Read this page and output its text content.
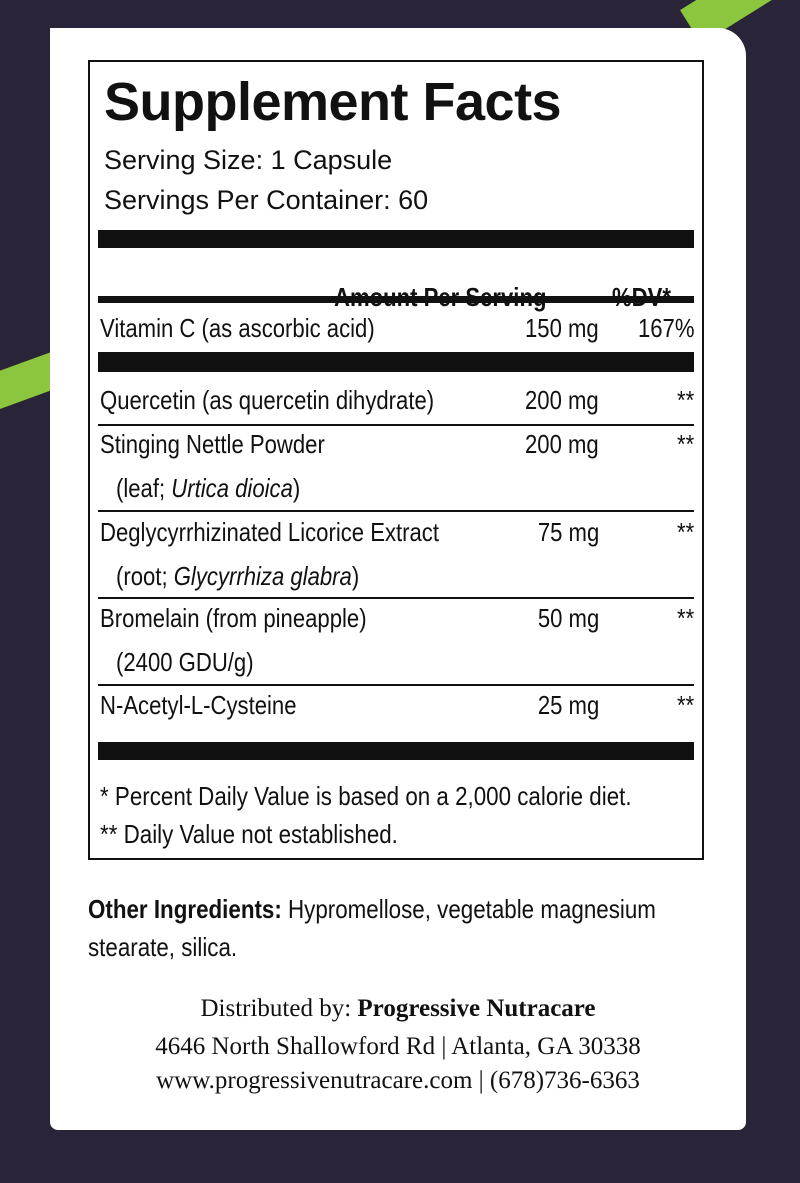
Supplement Facts
Serving Size: 1 Capsule
Servings Per Container: 60
Vitamin C (as ascorbic acid)	150 mg 167%
Quercetin (as quercetin dihydrate)	200 mg	**
Stinging Nettle Powder	200 mg	**
(leaf; Urtica dioica)
Deglycyrrhizinated Licorice Extract	75 mg	**
(root; Glycyrrhiza glabra)
Bromelain (from pineapple)	50 mg	**
(2400 GDU/g)
N-Acetyl-L-Cysteine	25 mg	**
* Percent Daily Value is based on a 2,000 calorie diet.
** Daily Value not established.
Other Ingredients: Hypromellose, vegetable magnesium stearate, silica.
Distributed by: Progressive Nutracare
4646 North Shallowford Rd | Atlanta, GA 30338
www.progressivenutracare.com | (678)736-6363
